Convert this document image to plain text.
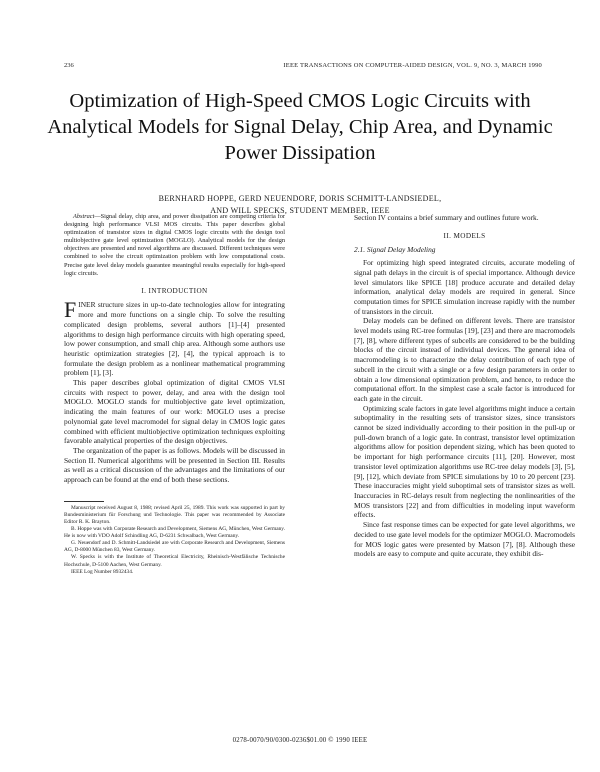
236	IEEE TRANSACTIONS ON COMPUTER-AIDED DESIGN, VOL. 9, NO. 3, MARCH 1990
Optimization of High-Speed CMOS Logic Circuits with Analytical Models for Signal Delay, Chip Area, and Dynamic Power Dissipation
BERNHARD HOPPE, GERD NEUENDORF, DORIS SCHMITT-LANDSIEDEL,
AND WILL SPECKS, STUDENT MEMBER, IEEE

Abstract—Signal delay, chip area, and power dissipation are competing criteria for designing high performance VLSI MOS circuits. This paper describes global optimization of transistor sizes in digital CMOS logic circuits with the design tool multiobjective gate level optimization (MOGLO). Analytical models for the design objectives are presented and novel algorithms are discussed. Different techniques were combined to solve the circuit optimization problem with low computational costs. Precise gate level delay models guarantee meaningful results especially for high-speed logic circuits.

I. INTRODUCTION

FINER structure sizes in up-to-date technologies allow for integrating more and more functions on a single chip. To solve the resulting complicated design problems, several authors [1]–[4] presented algorithms to design high performance circuits with high operating speed, low power consumption, and small chip area. Although some authors use heuristic optimization strategies [2], [4], the typical approach is to formulate the design problem as a nonlinear mathematical programming problem [1], [3].

This paper describes global optimization of digital CMOS VLSI circuits with respect to power, delay, and area with the design tool MOGLO. MOGLO stands for multiobjective gate level optimization, indicating the main features of our work: MOGLO uses a precise polynomial gate level macromodel for signal delay in CMOS logic gates combined with efficient multiobjective optimization techniques exploiting favorable analytical properties of the design objectives.

The organization of the paper is as follows. Models will be discussed in Section II. Numerical algorithms will be presented in Section III. Results as well as a critical discussion of the advantages and the limitations of our approach can be found at the end of both these sections.

Manuscript received August 8, 1988; revised April 25, 1989. This work was supported in part by Bundesministerium für Forschung und Technologie. This paper was recommended by Associate Editor R. K. Brayton.
B. Hoppe was with Corporate Research and Development, Siemens AG, München, West Germany. He is now with VDO Adolf Schindling AG, D-6231 Schwalbach, West Germany.
G. Neuendorf and D. Schmitt-Landsiedel are with Corporate Research and Development, Siemens AG, D-8000 München 83, West Germany.
W. Specks is with the Institute of Theoretical Electricity, Rheinisch-Westfälische Technische Hochschule, D-5100 Aachen, West Germany.
IEEE Log Number 8932434.

Section IV contains a brief summary and outlines future work.

II. MODELS
2.1. Signal Delay Modeling

For optimizing high speed integrated circuits, accurate modeling of signal path delays in the circuit is of special importance. Although device level simulators like SPICE [18] produce accurate and detailed delay information, analytical delay models are required in general. Since computation times for SPICE simulation increase rapidly with the number of transistors in the circuit.

Delay models can be defined on different levels. There are transistor level models using RC-tree formulas [19], [23] and there are macromodels [7], [8], where different types of subcells are considered to be the building blocks of the circuit instead of individual devices. The general idea of macromodeling is to characterize the delay contribution of each type of subcell in the circuit with a single or a few design parameters in order to obtain a low dimensional optimization problem, and hence, to reduce the computational effort. In the simplest case a scale factor is introduced for each gate in the circuit.

Optimizing scale factors in gate level algorithms might induce a certain suboptimality in the resulting sets of transistor sizes, since transistors cannot be sized individually according to their position in the pull-up or pull-down branch of a logic gate. In contrast, transistor level optimization algorithms allow for position dependent sizing, which has been quoted to be important for high performance circuits [11], [20]. However, most transistor level optimization algorithms use RC-tree delay models [3], [5], [9], [12], which deviate from SPICE simulations by 10 to 20 percent [23]. These inaccuracies might yield suboptimal sets of transistor sizes as well. Inaccuracies in RC-delays result from neglecting the nonlinearities of the MOS transistors [22] and from difficulties in modeling input waveform effects.

Since fast response times can be expected for gate level algorithms, we decided to use gate level models for the optimizer MOGLO. Macromodels for MOS logic gates were presented by Matson [7], [8]. Although these models are easy to compute and quite accurate, they exhibit dis-

0278-0070/90/0300-0236$01.00 © 1990 IEEE
